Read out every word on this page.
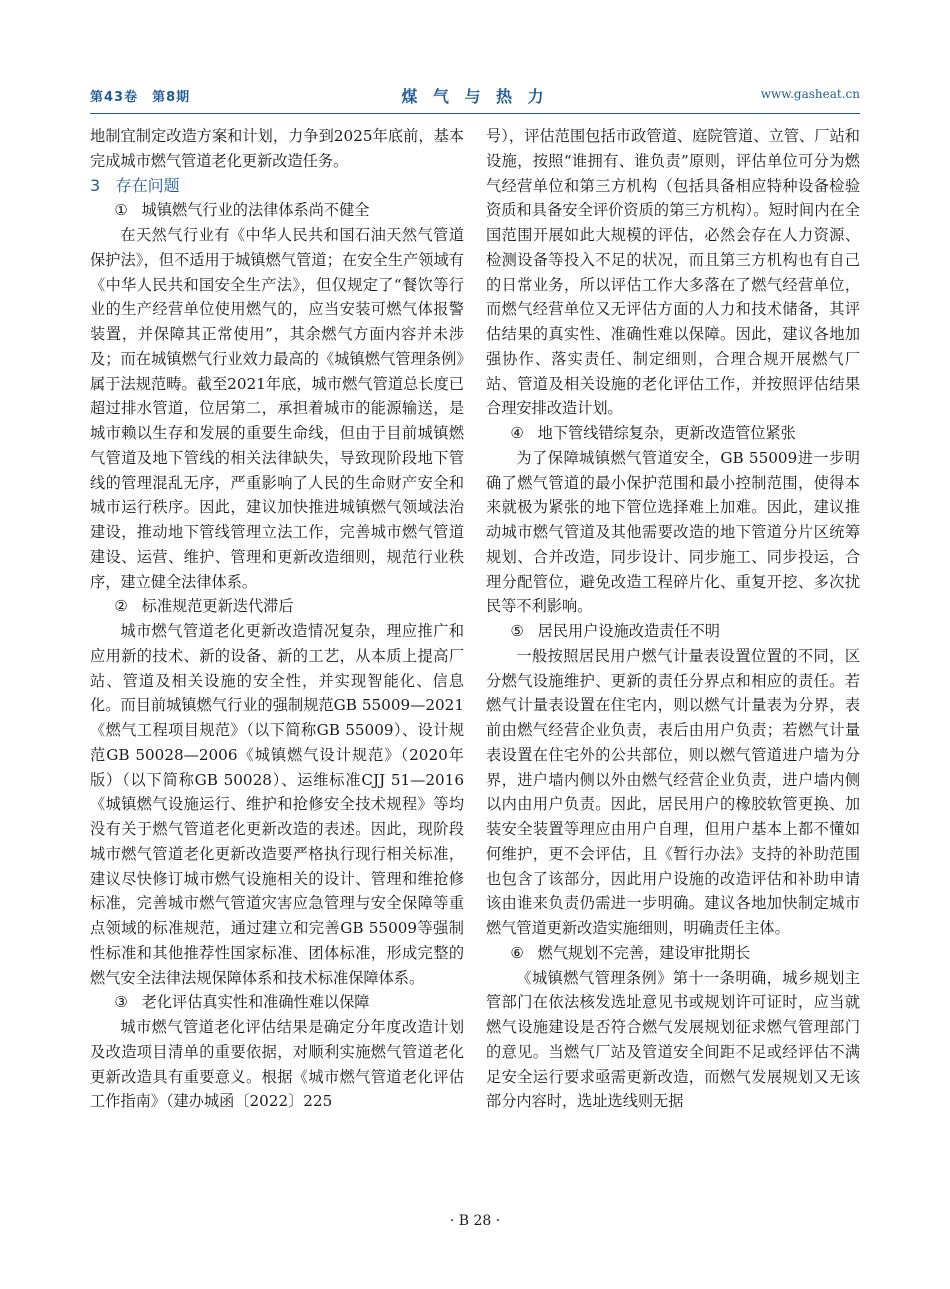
第43卷　第8期	煤 气 与 热 力	www.gasheat.cn

地制宜制定改造方案和计划，力争到2025年底前，基本完成城市燃气管道老化更新改造任务。

3 存在问题
① 城镇燃气行业的法律体系尚不健全

在天然气行业有《中华人民共和国石油天然气管道保护法》，但不适用于城镇燃气管道；在安全生产领域有《中华人民共和国安全生产法》，但仅规定了“餐饮等行业的生产经营单位使用燃气的，应当安装可燃气体报警装置，并保障其正常使用”，其余燃气方面内容并未涉及；而在城镇燃气行业效力最高的《城镇燃气管理条例》属于法规范畴。截至2021年底，城市燃气管道总长度已超过排水管道，位居第二，承担着城市的能源输送，是城市赖以生存和发展的重要生命线，但由于目前城镇燃气管道及地下管线的相关法律缺失，导致现阶段地下管线的管理混乱无序，严重影响了人民的生命财产安全和城市运行秩序。因此，建议加快推进城镇燃气领域法治建设，推动地下管线管理立法工作，完善城市燃气管道建设、运营、维护、管理和更新改造细则，规范行业秩序，建立健全法律体系。

② 标准规范更新迭代滞后

城市燃气管道老化更新改造情况复杂，理应推广和应用新的技术、新的设备、新的工艺，从本质上提高厂站、管道及相关设施的安全性，并实现智能化、信息化。而目前城镇燃气行业的强制规范GB 55009—2021《燃气工程项目规范》（以下简称GB 55009）、设计规范GB 50028—2006《城镇燃气设计规范》（2020年版）（以下简称GB 50028）、运维标准CJJ 51—2016《城镇燃气设施运行、维护和抢修安全技术规程》等均没有关于燃气管道老化更新改造的表述。因此，现阶段城市燃气管道老化更新改造要严格执行现行相关标准，建议尽快修订城市燃气设施相关的设计、管理和维抢修标准，完善城市燃气管道灾害应急管理与安全保障等重点领域的标准规范，通过建立和完善GB 55009等强制性标准和其他推荐性国家标准、团体标准，形成完整的燃气安全法律法规保障体系和技术标准保障体系。

③ 老化评估真实性和准确性难以保障

城市燃气管道老化评估结果是确定分年度改造计划及改造项目清单的重要依据，对顺利实施燃气管道老化更新改造具有重要意义。根据《城市燃气管道老化评估工作指南》（建办城函〔2022〕225

号），评估范围包括市政管道、庭院管道、立管、厂站和设施，按照“谁拥有、谁负责”原则，评估单位可分为燃气经营单位和第三方机构（包括具备相应特种设备检验资质和具备安全评价资质的第三方机构）。短时间内在全国范围开展如此大规模的评估，必然会存在人力资源、检测设备等投入不足的状况，而且第三方机构也有自己的日常业务，所以评估工作大多落在了燃气经营单位，而燃气经营单位又无评估方面的人力和技术储备，其评估结果的真实性、准确性难以保障。因此，建议各地加强协作、落实责任、制定细则，合理合规开展燃气厂站、管道及相关设施的老化评估工作，并按照评估结果合理安排改造计划。

④ 地下管线错综复杂，更新改造管位紧张

为了保障城镇燃气管道安全，GB 55009进一步明确了燃气管道的最小保护范围和最小控制范围，使得本来就极为紧张的地下管位选择难上加难。因此，建议推动城市燃气管道及其他需要改造的地下管道分片区统筹规划、合并改造，同步设计、同步施工、同步投运，合理分配管位，避免改造工程碎片化、重复开挖、多次扰民等不利影响。

⑤ 居民用户设施改造责任不明

一般按照居民用户燃气计量表设置位置的不同，区分燃气设施维护、更新的责任分界点和相应的责任。若燃气计量表设置在住宅内，则以燃气计量表为分界，表前由燃气经营企业负责，表后由用户负责；若燃气计量表设置在住宅外的公共部位，则以燃气管道进户墙为分界，进户墙内侧以外由燃气经营企业负责，进户墙内侧以内由用户负责。因此，居民用户的橡胶软管更换、加装安全装置等理应由用户自理，但用户基本上都不懂如何维护，更不会评估，且《暂行办法》支持的补助范围也包含了该部分，因此用户设施的改造评估和补助申请该由谁来负责仍需进一步明确。建议各地加快制定城市燃气管道更新改造实施细则，明确责任主体。

⑥ 燃气规划不完善，建设审批期长

《城镇燃气管理条例》第十一条明确，城乡规划主管部门在依法核发选址意见书或规划许可证时，应当就燃气设施建设是否符合燃气发展规划征求燃气管理部门的意见。当燃气厂站及管道安全间距不足或经评估不满足安全运行要求亟需更新改造，而燃气发展规划又无该部分内容时，选址选线则无据

· B 28 ·
